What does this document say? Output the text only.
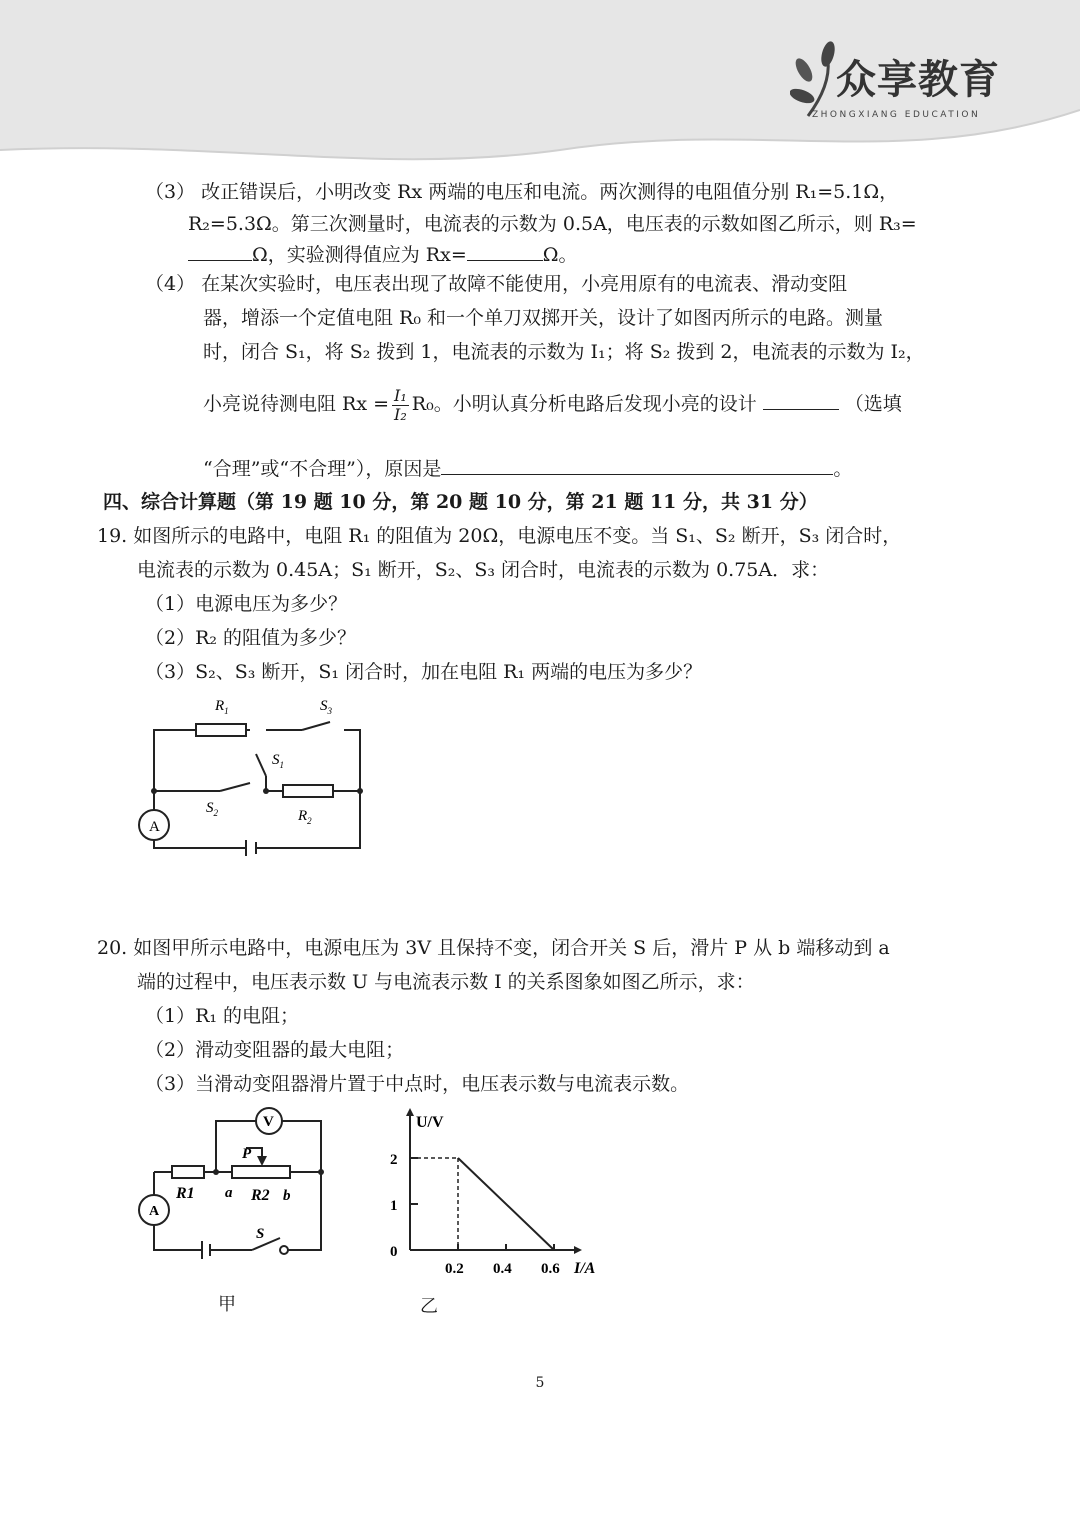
众享教育
ZHONGXIANG EDUCATION
（3） 改正错误后，小明改变 Rx 两端的电压和电流。两次测得的电阻值分别 R₁=5.1Ω，
R₂=5.3Ω。第三次测量时，电流表的示数为 0.5A，电压表的示数如图乙所示，则 R₃=
Ω，实验测得值应为 Rx=	Ω。
（4） 在某次实验时，电压表出现了故障不能使用，小亮用原有的电流表、滑动变阻
器，增添一个定值电阻 R₀ 和一个单刀双掷开关，设计了如图丙所示的电路。测量
时，闭合 S₁，将 S₂ 拨到 1，电流表的示数为 I₁；将 S₂ 拨到 2，电流表的示数为 I₂，
小亮说待测电阻 $Rx = \frac{\text{I₁}}{\text{I₂}} R_0$。小明认真分析电路后发现小亮的设计	（选填
“合理”或“不合理”），原因是	。
四、综合计算题（第 19 题 10 分，第 20 题 10 分，第 21 题 11 分，共 31 分）
19. 如图所示的电路中，电阻 R₁ 的阻值为 20Ω，电源电压不变。当 S₁、S₂ 断开，S₃ 闭合时，
电流表的示数为 0.45A；S₁ 断开，S₂、S₃ 闭合时，电流表的示数为 0.75A．求：
（1）电源电压为多少？
（2）R₂ 的阻值为多少？
（3）S₂、S₃ 断开，S₁ 闭合时，加在电阻 R₁ 两端的电压为多少？
A
$R_1$	$S_3$
$S_1$
$S_2$	$R_2$
20. 如图甲所示电路中，电源电压为 3V 且保持不变，闭合开关 S 后，滑片 P 从 b 端移动到 a
端的过程中，电压表示数 U 与电流表示数 I 的关系图象如图乙所示，求：
（1）R₁ 的电阻；
（2）滑动变阻器的最大电阻；
（3）当滑动变阻器滑片置于中点时，电压表示数与电流表示数。
V
A
P
R1 a R2 b
S
甲
0.2 0.4 0.6
0
1
2
U/V
I/A
乙
5
